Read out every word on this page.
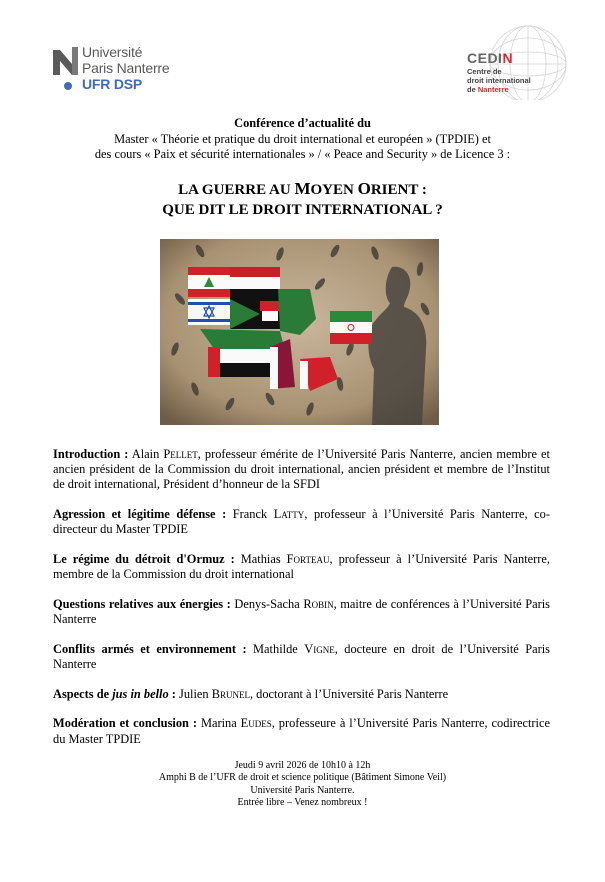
Université
Paris Nanterre
UFR DSP
CEDIN
Centre de
droit international
de Nanterre
Conférence d’actualité du
Master « Théorie et pratique du droit international et européen » (TPDIE) et
des cours « Paix et sécurité internationales » / « Peace and Security » de Licence 3 :
LA GUERRE AU MOYEN ORIENT :
QUE DIT LE DROIT INTERNATIONAL ?

Introduction : Alain Pellet, professeur émérite de l’Université Paris Nanterre, ancien membre et ancien président de la Commission du droit international, ancien président et membre de l’Institut de droit international, Président d’honneur de la SFDI

Agression et légitime défense : Franck Latty, professeur à l’Université Paris Nanterre, co-directeur du Master TPDIE

Le régime du détroit d'Ormuz : Mathias Forteau, professeur à l’Université Paris Nanterre, membre de la Commission du droit international

Questions relatives aux énergies : Denys-Sacha Robin, maitre de conférences à l’Université Paris Nanterre

Conflits armés et environnement : Mathilde Vigne, docteure en droit de l’Université Paris Nanterre

Aspects de jus in bello : Julien Brunel, doctorant à l’Université Paris Nanterre

Modération et conclusion : Marina Eudes, professeure à l’Université Paris Nanterre, codirectrice du Master TPDIE

Jeudi 9 avril 2026 de 10h10 à 12h
Amphi B de l’UFR de droit et science politique (Bâtiment Simone Veil)
Université Paris Nanterre.
Entrée libre – Venez nombreux !
